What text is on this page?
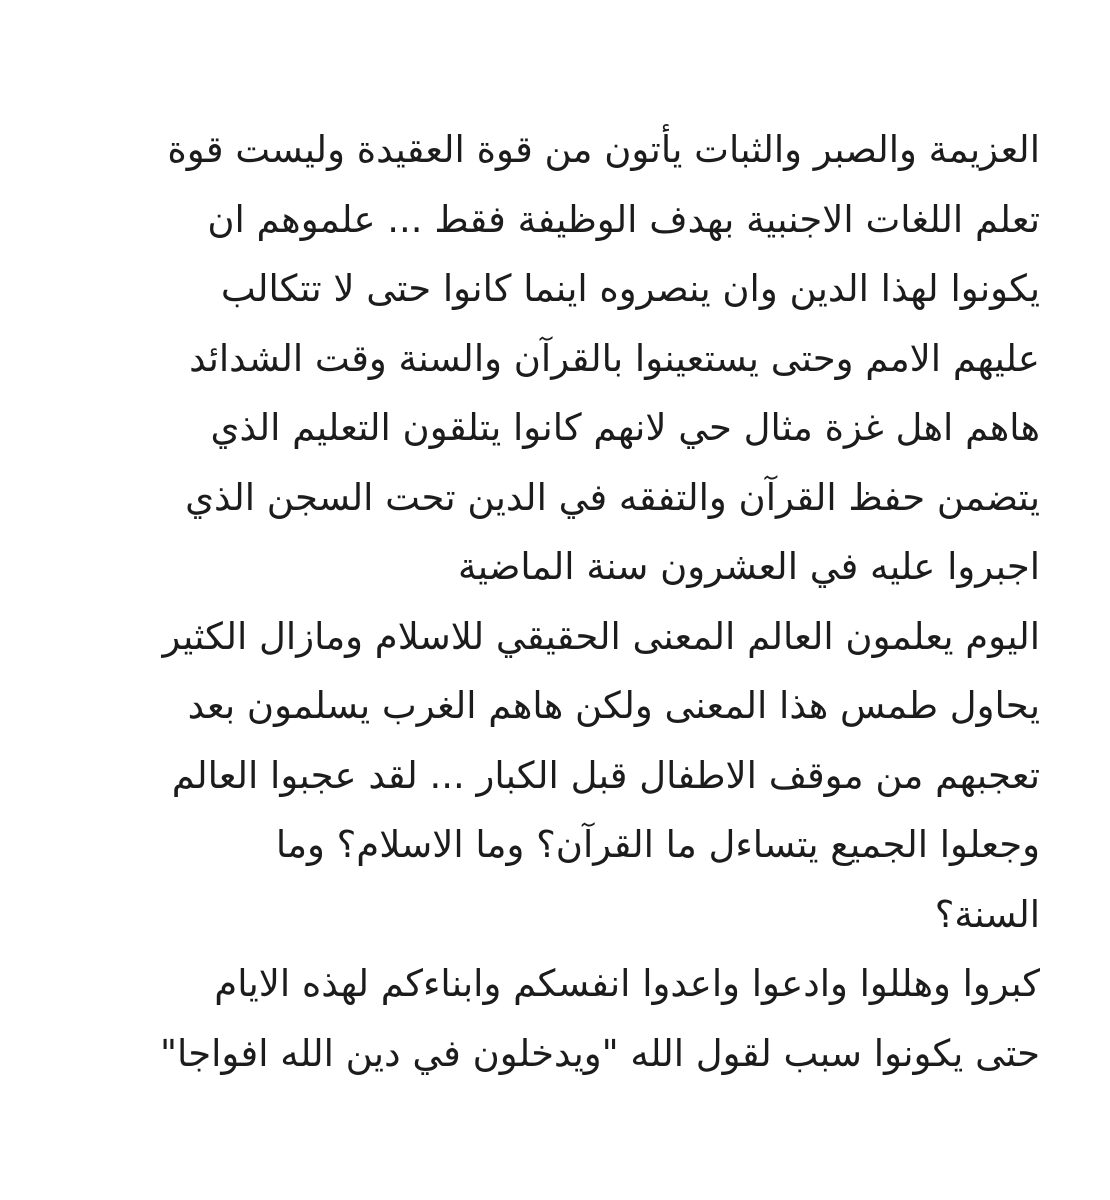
العزيمة والصبر والثبات يأتون من قوة العقيدة وليست قوة
تعلم اللغات الاجنبية بهدف الوظيفة فقط ... علموهم ان
يكونوا لهذا الدين وان ينصروه اينما كانوا حتى لا تتكالب
عليهم الامم وحتى يستعينوا بالقرآن والسنة وقت الشدائد
هاهم اهل غزة مثال حي لانهم كانوا يتلقون التعليم الذي
يتضمن حفظ القرآن والتفقه في الدين تحت السجن الذي
اجبروا عليه في العشرون سنة الماضية
اليوم يعلمون العالم المعنى الحقيقي للاسلام ومازال الكثير
يحاول طمس هذا المعنى ولكن هاهم الغرب يسلمون بعد
تعجبهم من موقف الاطفال قبل الكبار ... لقد عجبوا العالم
وجعلوا الجميع يتساءل ما القرآن؟ وما الاسلام؟ وما
السنة؟
كبروا وهللوا وادعوا واعدوا انفسكم وابناءكم لهذه الايام
حتى يكونوا سبب لقول الله "ويدخلون في دين الله افواجا"
